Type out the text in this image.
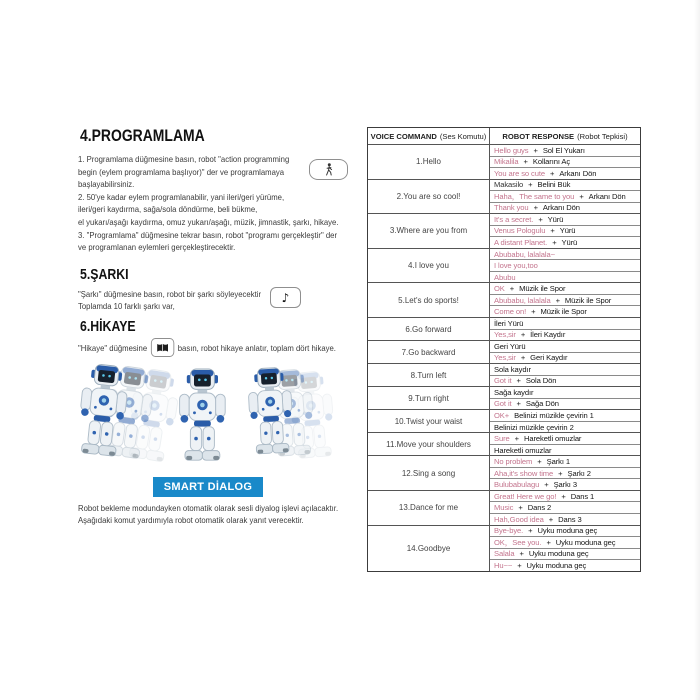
4.PROGRAMLAMA
1. Programlama düğmesine basın, robot "action programming
begin (eylem programlama başlıyor)" der ve programlamaya
başlayabilirsiniz.
2. 50'ye kadar eylem programlanabilir, yani ileri/geri yürüme,
ileri/geri kaydırma, sağa/sola döndürme, beli bükme,
el yukarı/aşağı kaydırma, omuz yukarı/aşağı, müzik, jimnastik, şarkı, hikaye.
3. "Programlama" düğmesine tekrar basın, robot "programı gerçekleştir" der
ve programlanan eylemleri gerçekleştirecektir.
5.ŞARKI
"Şarkı" düğmesine basın, robot bir şarkı söyleyecektir
Toplamda 10 farklı şarkı var,
♪
6.HİKAYE
"Hikaye" düğmesine	basın, robot hikaye anlatır, toplam dört hikaye.
SMART DİALOG
Robot bekleme modundayken otomatik olarak sesli diyalog işlevi açılacaktır.
Aşağıdaki komut yardımıyla robot otomatik olarak yanıt verecektir.
VOICE COMMAND (Ses Komutu) ROBOT RESPONSE (Robot Tepkisi)
1.Hello
Hello guys + Sol El Yukarı
Mikalila + Kollarını Aç
You are so cute + Arkanı Dön
2.You are so cool!
Makasilo + Belini Bük
Haha，The same to you + Arkanı Dön
Thank you + Arkanı Dön
3.Where are you from
It's a secret. + Yürü
Venus Pologulu + Yürü
A distant Planet. + Yürü
4.I love you
Abubabu, lalalala~
I love you,too
Abubu
5.Let's do sports!
OK + Müzik ile Spor
Abubabu, lalalala + Müzik ile Spor
Come on! + Müzik ile Spor
6.Go forward
İleri Yürü
Yes,sir + İleri Kaydır
7.Go backward
Geri Yürü
Yes,sir + Geri Kaydır
8.Turn left
Sola kaydır
Got it + Sola Dön
9.Turn right
Sağa kaydır
Got it + Sağa Dön
10.Twist your waist
OK+ Belinizi müzikle çevirin 1
Belinizi müzikle çevirin 2
11.Move your shoulders
Sure + Hareketli omuzlar
Hareketli omuzlar
12.Sing a song
No problem + Şarkı 1
Aha,it's show time + Şarkı 2
Bulubabulagu + Şarkı 3
13.Dance for me
Great! Here we go! + Dans 1
Music + Dans 2
Hah,Good idea + Dans 3
14.Goodbye
Bye-bye. + Uyku moduna geç
OK，See you. + Uyku moduna geç
Salala + Uyku moduna geç
Hu~~ + Uyku moduna geç
